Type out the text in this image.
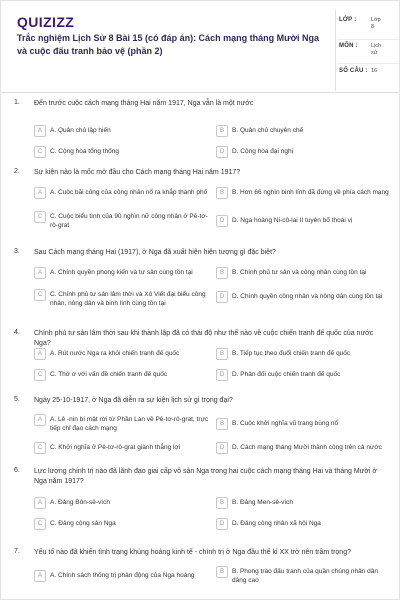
QUIZIZZ
Trắc nghiệm Lịch Sử 8 Bài 15 (có đáp án): Cách mạng tháng Mười Nga và cuộc đấu tranh bảo vệ (phần 2)
LỚP :	Lớp 8
MÔN : Lịch sử
SỐ CÂU : 16
1. Đến trước cuộc cách mạng tháng Hai năm 1917, Nga vẫn là một nước
A	A. Quân chủ lập hiến	B	B. Quân chủ chuyên chế
C	C. Cộng hòa tổng thống	D	D. Cộng hòa đại nghị
2. Sự kiện nào là mốc mở đầu cho Cách mạng tháng Hai năm 1917?
A	A. Cuộc bãi công của công nhân nổ ra khắp thành phố	B	B. Hơn 66 nghìn binh lính đã đứng về phía cách mạng
C	C. Cuộc biểu tình của 90 nghìn nữ công nhân ở Pê-tơ-rô-grat
D	D. Nga hoàng Ni-cô-lai II tuyên bố thoái vị
3. Sau Cách mạng tháng Hai (1917), ở Nga đã xuất hiện hiện tượng gì đặc biệt?
A	A. Chính quyền phong kiến và tư sản cùng tồn tại	B	B. Chính phủ tư sản và công nhân cùng tồn tại
C	C. Chính phủ tư sản lâm thời và Xô Viết đại biểu công nhân, nông dân và binh lính cùng tồn tại
D	D. Chính quyền công nhân và nông dân cùng tồn tại
4. Chính phủ tư sản lâm thời sau khi thành lập đã có thái độ như thế nào về cuộc chiến tranh đế quốc của nước Nga?
A	A. Rút nước Nga ra khỏi chiến tranh đế quốc	B	B. Tiếp tục theo đuổi chiến tranh đế quốc
C	C. Thờ ơ với vấn đề chiến tranh đế quốc	D	D. Phản đối cuộc chiến tranh đế quốc
5. Ngày 25-10-1917, ở Nga đã diễn ra sự kiện lịch sử gì trọng đại?
A	A. Lê -nin bí mật rời từ Phần Lan về Pê-tơ-rô-grat, trực tiếp chỉ đạo cách mạng
B	B. Cuộc khởi nghĩa vũ trang bùng nổ
C	C. Khởi nghĩa ở Pê-tơ-rô-grat giành thắng lợi	D	D. Cách mạng tháng Mười thành công trên cả nước
6. Lực lượng chính trị nào đã lãnh đạo giai cấp vô sản Nga trong hai cuộc cách mạng tháng Hai và tháng Mười ở Nga năm 1917?
A	A. Đảng Bôn-sê-vích	B	B. Đảng Men-sê-vích
C	C. Đảng cộng sản Nga	D	D. Đảng công nhân xã hội Nga
7. Yếu tố nào đã khiến tình trạng khủng hoảng kinh tế - chính trị ở Nga đầu thế kỉ XX trở nên trầm trọng?
A	A. Chính sách thống trị phản động của Nga hoàng	B	B. Phong trào đấu tranh của quần chúng nhân dân dâng cao
